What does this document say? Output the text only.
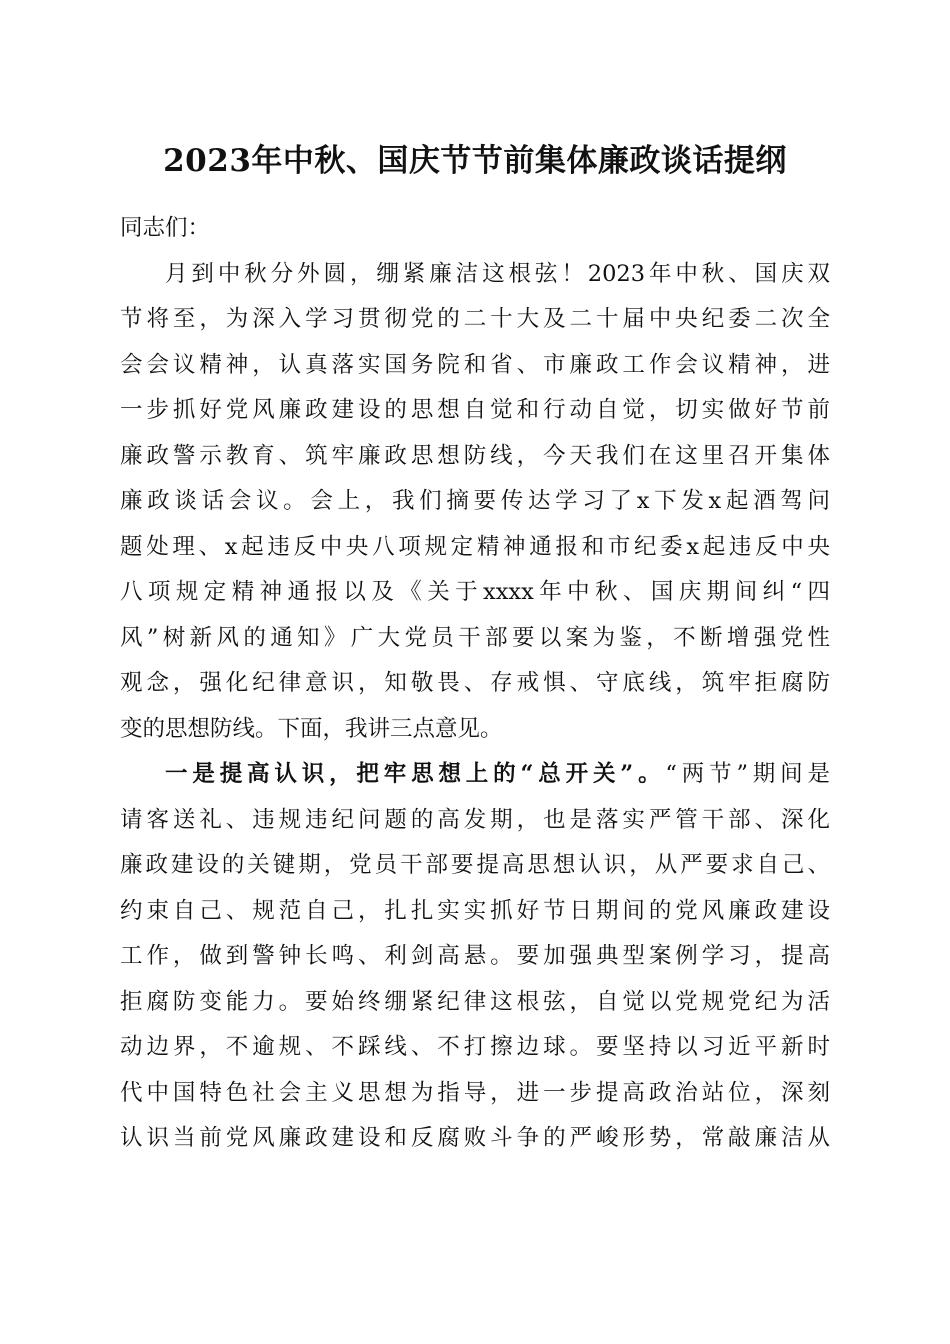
2023年中秋、国庆节节前集体廉政谈话提纲
同志们：
月到中秋分外圆，绷紧廉洁这根弦！2023年中秋、国庆双
节将至，为深入学习贯彻党的二十大及二十届中央纪委二次全
会会议精神，认真落实国务院和省、市廉政工作会议精神，进
一步抓好党风廉政建设的思想自觉和行动自觉，切实做好节前
廉政警示教育、筑牢廉政思想防线，今天我们在这里召开集体
廉政谈话会议。会上，我们摘要传达学习了x下发x起酒驾问
题处理、x起违反中央八项规定精神通报和市纪委x起违反中央
八项规定精神通报以及《关于xxxx年中秋、国庆期间纠“四
风”树新风的通知》广大党员干部要以案为鉴，不断增强党性
观念，强化纪律意识，知敬畏、存戒惧、守底线，筑牢拒腐防
变的思想防线。下面，我讲三点意见。
一是提高认识，把牢思想上的“总开关”。“两节”期间是
请客送礼、违规违纪问题的高发期，也是落实严管干部、深化
廉政建设的关键期，党员干部要提高思想认识，从严要求自己、
约束自己、规范自己，扎扎实实抓好节日期间的党风廉政建设
工作，做到警钟长鸣、利剑高悬。要加强典型案例学习，提高
拒腐防变能力。要始终绷紧纪律这根弦，自觉以党规党纪为活
动边界，不逾规、不踩线、不打擦边球。要坚持以习近平新时
代中国特色社会主义思想为指导，进一步提高政治站位，深刻
认识当前党风廉政建设和反腐败斗争的严峻形势，常敲廉洁从
